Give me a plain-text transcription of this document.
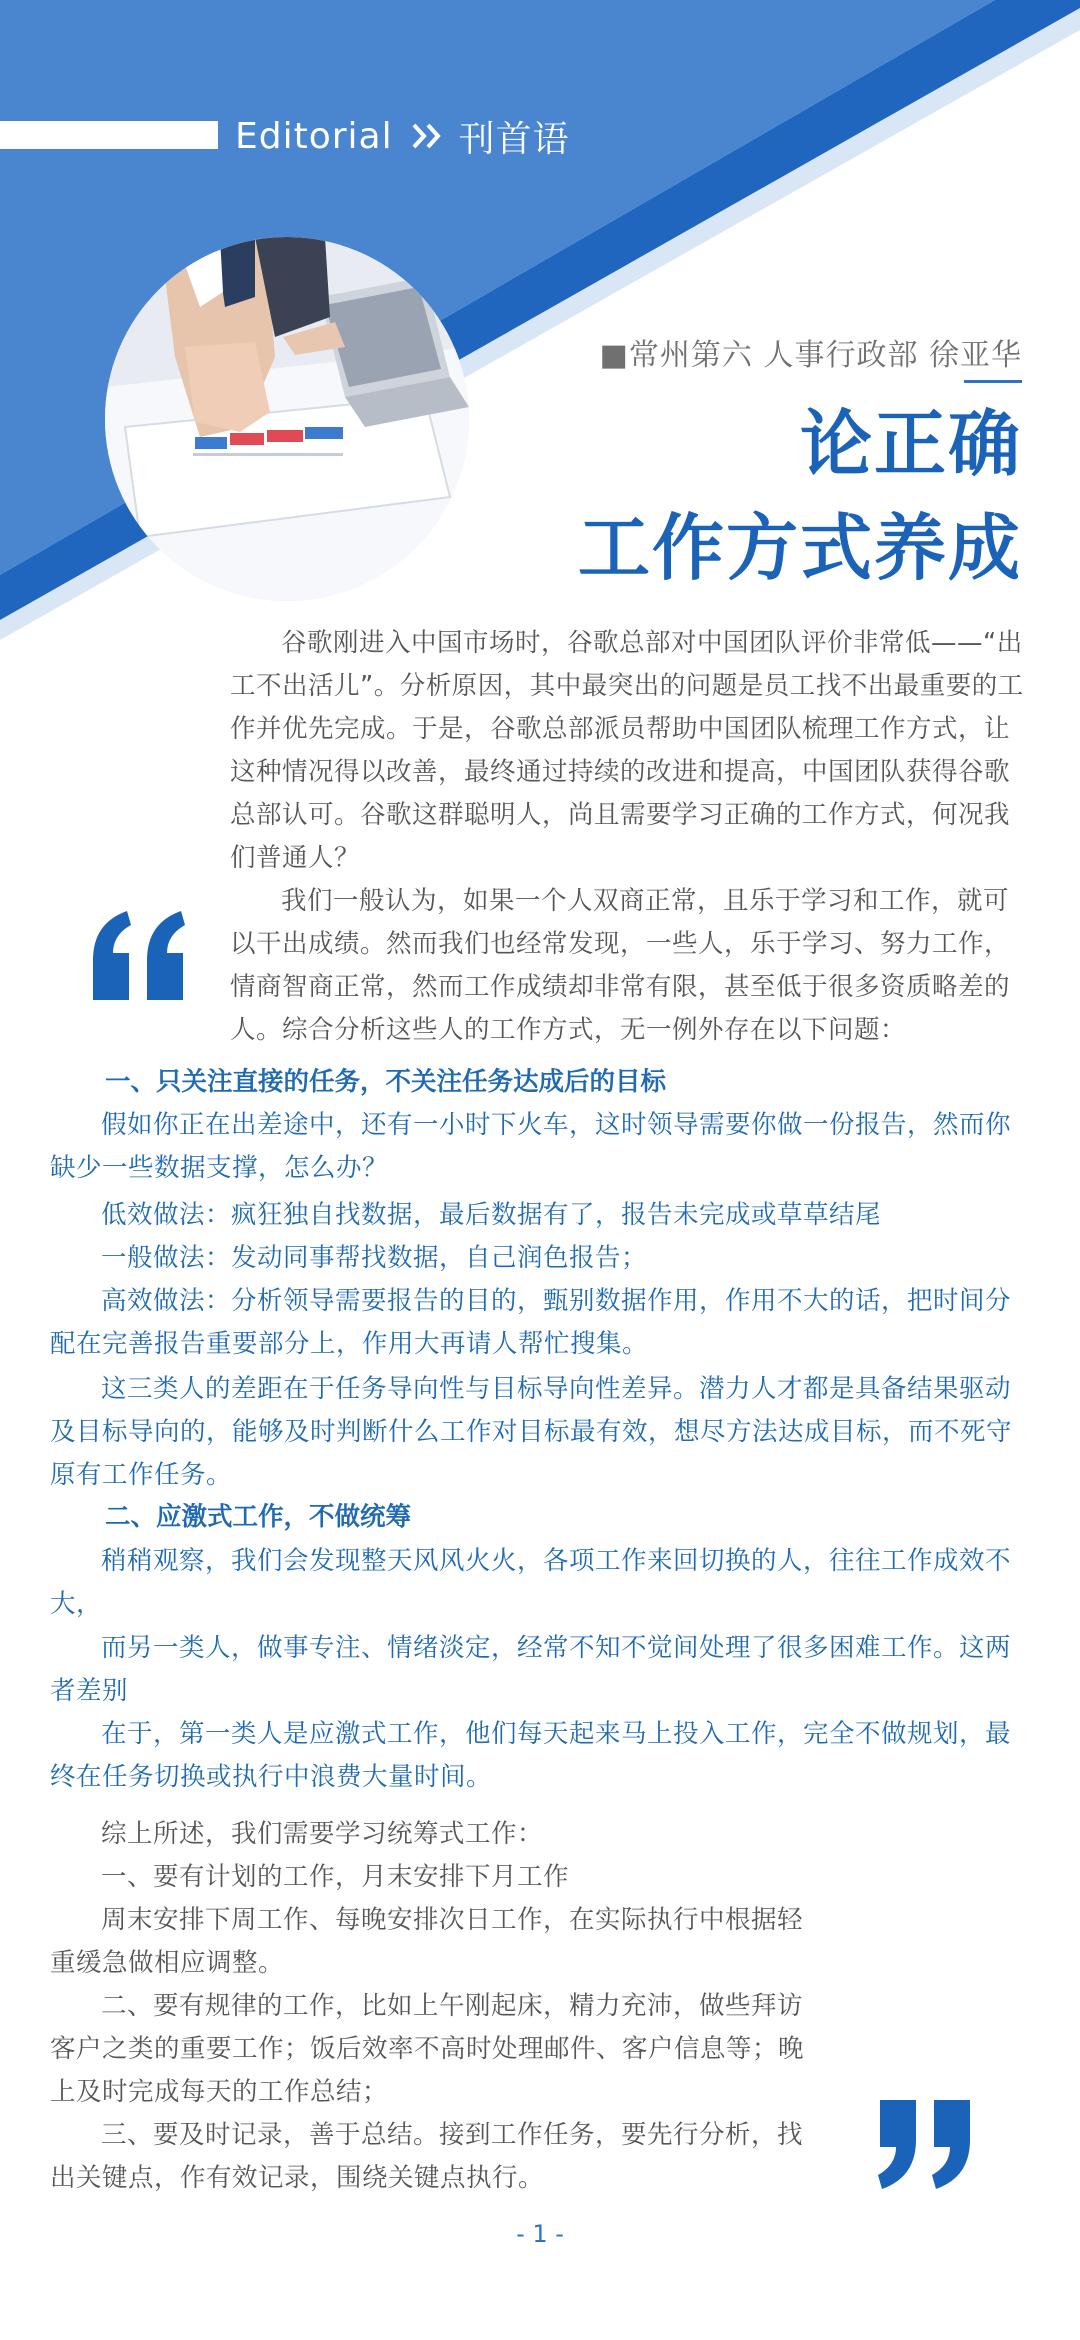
Editorial 刊首语
■常州第六 人事行政部 徐亚华
论正确
工作方式养成

谷歌刚进入中国市场时，谷歌总部对中国团队评价非常低——“出工不出活儿”。分析原因，其中最突出的问题是员工找不出最重要的工作并优先完成。于是，谷歌总部派员帮助中国团队梳理工作方式，让这种情况得以改善，最终通过持续的改进和提高，中国团队获得谷歌总部认可。谷歌这群聪明人，尚且需要学习正确的工作方式，何况我们普通人？

我们一般认为，如果一个人双商正常，且乐于学习和工作，就可以干出成绩。然而我们也经常发现，一些人，乐于学习、努力工作，情商智商正常，然而工作成绩却非常有限，甚至低于很多资质略差的人。综合分析这些人的工作方式，无一例外存在以下问题：

一、只关注直接的任务，不关注任务达成后的目标

假如你正在出差途中，还有一小时下火车，这时领导需要你做一份报告，然而你缺少一些数据支撑，怎么办？

低效做法：疯狂独自找数据，最后数据有了，报告未完成或草草结尾

一般做法：发动同事帮找数据，自己润色报告；

高效做法：分析领导需要报告的目的，甄别数据作用，作用不大的话，把时间分配在完善报告重要部分上，作用大再请人帮忙搜集。

这三类人的差距在于任务导向性与目标导向性差异。潜力人才都是具备结果驱动及目标导向的，能够及时判断什么工作对目标最有效，想尽方法达成目标，而不死守原有工作任务。

二、应激式工作，不做统筹

稍稍观察，我们会发现整天风风火火，各项工作来回切换的人，往往工作成效不大，

而另一类人，做事专注、情绪淡定，经常不知不觉间处理了很多困难工作。这两者差别

在于，第一类人是应激式工作，他们每天起来马上投入工作，完全不做规划，最终在任务切换或执行中浪费大量时间。

综上所述，我们需要学习统筹式工作：

一、要有计划的工作，月末安排下月工作

周末安排下周工作、每晚安排次日工作，在实际执行中根据轻重缓急做相应调整。

二、要有规律的工作，比如上午刚起床，精力充沛，做些拜访客户之类的重要工作；饭后效率不高时处理邮件、客户信息等；晚上及时完成每天的工作总结；

三、要及时记录，善于总结。接到工作任务，要先行分析，找出关键点，作有效记录，围绕关键点执行。

- 1 -
